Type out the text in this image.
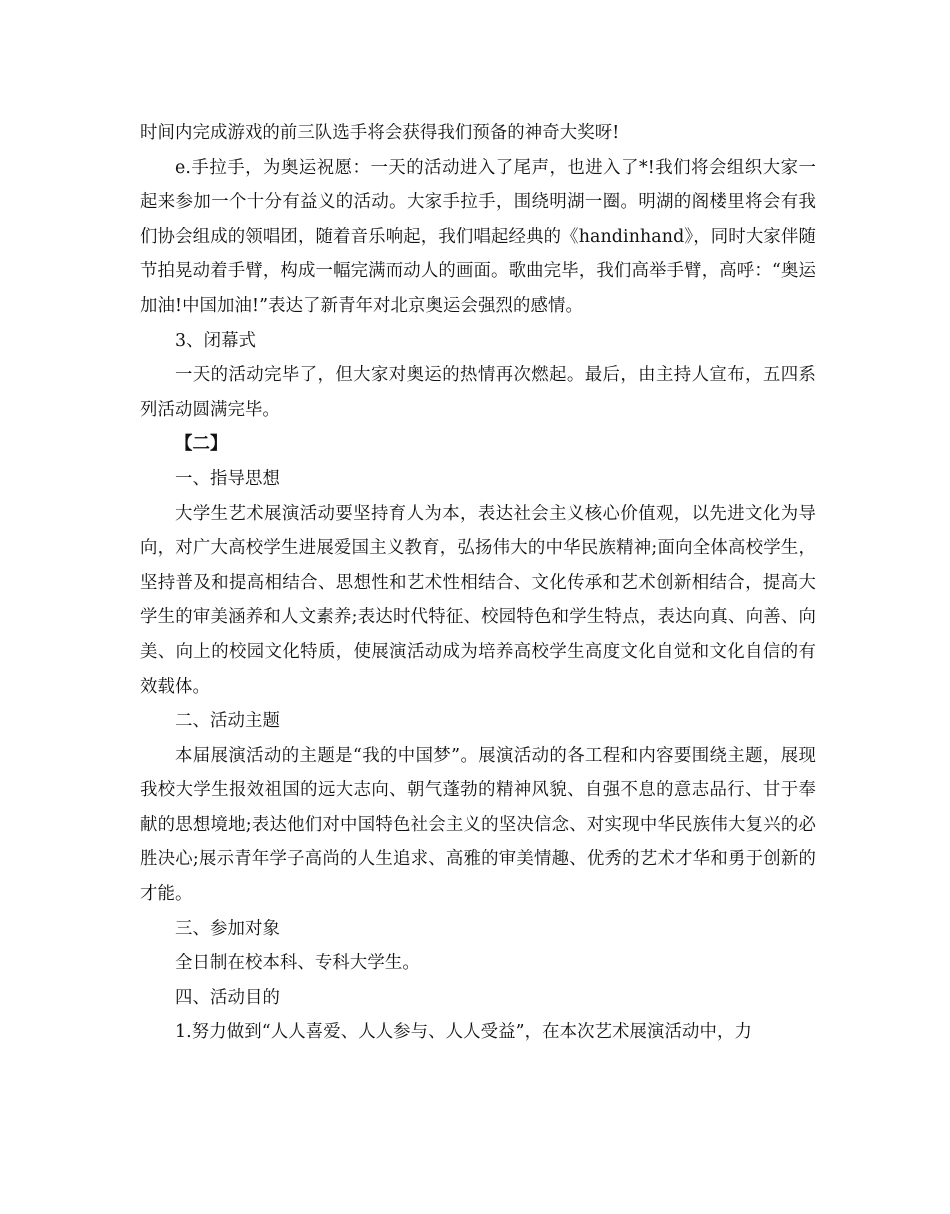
时间内完成游戏的前三队选手将会获得我们预备的神奇大奖呀!

e.手拉手，为奥运祝愿：一天的活动进入了尾声，也进入了*!我们将会组织大家一起来参加一个十分有益义的活动。大家手拉手，围绕明湖一圈。明湖的阁楼里将会有我们协会组成的领唱团，随着音乐响起，我们唱起经典的《handinhand》，同时大家伴随节拍晃动着手臂，构成一幅完满而动人的画面。歌曲完毕，我们高举手臂，高呼：“奥运加油!中国加油!”表达了新青年对北京奥运会强烈的感情。

3、闭幕式

一天的活动完毕了，但大家对奥运的热情再次燃起。最后，由主持人宣布，五四系列活动圆满完毕。

【二】

一、指导思想

大学生艺术展演活动要坚持育人为本，表达社会主义核心价值观，以先进文化为导向，对广大高校学生进展爱国主义教育，弘扬伟大的中华民族精神;面向全体高校学生，坚持普及和提高相结合、思想性和艺术性相结合、文化传承和艺术创新相结合，提高大学生的审美涵养和人文素养;表达时代特征、校园特色和学生特点，表达向真、向善、向美、向上的校园文化特质，使展演活动成为培养高校学生高度文化自觉和文化自信的有效载体。

二、活动主题

本届展演活动的主题是“我的中国梦”。展演活动的各工程和内容要围绕主题，展现我校大学生报效祖国的远大志向、朝气蓬勃的精神风貌、自强不息的意志品行、甘于奉献的思想境地;表达他们对中国特色社会主义的坚决信念、对实现中华民族伟大复兴的必胜决心;展示青年学子高尚的人生追求、高雅的审美情趣、优秀的艺术才华和勇于创新的才能。

三、参加对象

全日制在校本科、专科大学生。

四、活动目的

1.努力做到“人人喜爱、人人参与、人人受益”，在本次艺术展演活动中，力
